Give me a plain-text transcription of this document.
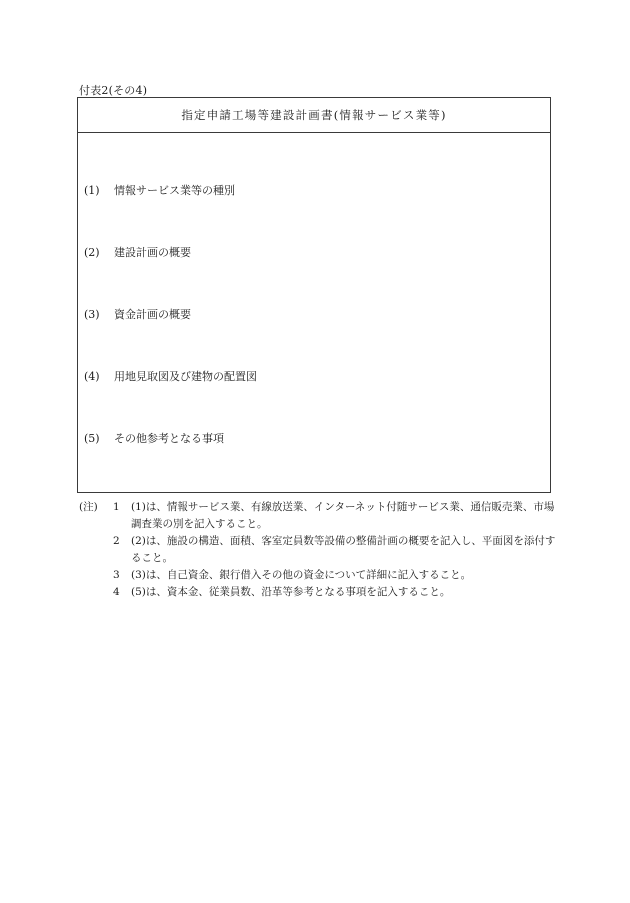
付表2(その4)
指定申請工場等建設計画書(情報サービス業等)
(1)	情報サービス業等の種別
(2)	建設計画の概要
(3)	資金計画の概要
(4)	用地見取図及び建物の配置図
(5)	その他参考となる事項
(注)	1	(1)は、情報サービス業、有線放送業、インターネット付随サービス業、通信販売業、市場調査業の別を記入すること。
2	(2)は、施設の構造、面積、客室定員数等設備の整備計画の概要を記入し、平面図を添付すること。
3	(3)は、自己資金、銀行借入その他の資金について詳細に記入すること。
4	(5)は、資本金、従業員数、沿革等参考となる事項を記入すること。
